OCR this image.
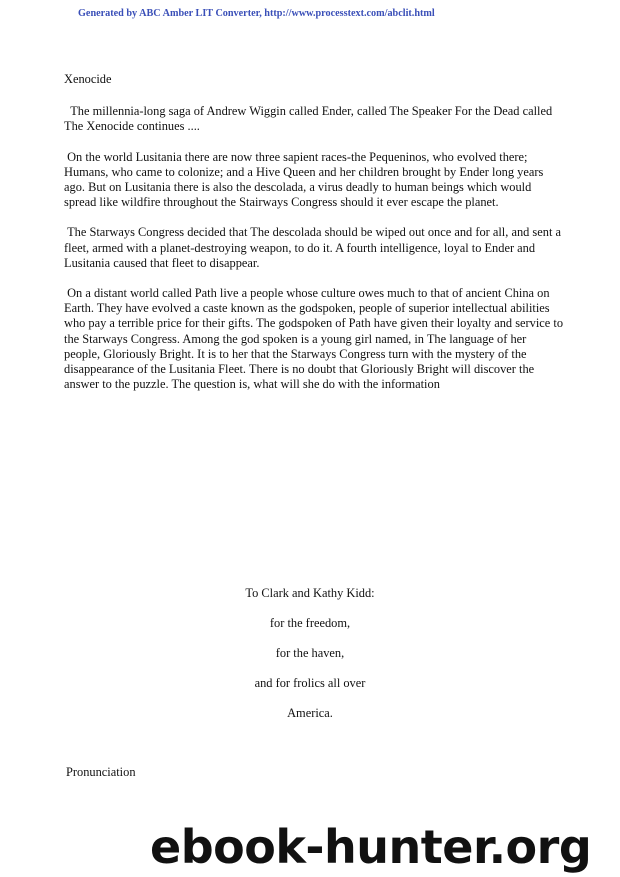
Generated by ABC Amber LIT Converter, http://www.processtext.com/abclit.html
Xenocide

The millennia-long saga of Andrew Wiggin called Ender, called The Speaker For the Dead called The Xenocide continues ....

On the world Lusitania there are now three sapient races-the Pequeninos, who evolved there; Humans, who came to colonize; and a Hive Queen and her children brought by Ender long years ago. But on Lusitania there is also the descolada, a virus deadly to human beings which would spread like wildfire throughout the Stairways Congress should it ever escape the planet.

The Starways Congress decided that The descolada should be wiped out once and for all, and sent a fleet, armed with a planet-destroying weapon, to do it. A fourth intelligence, loyal to Ender and Lusitania caused that fleet to disappear.

On a distant world called Path live a people whose culture owes much to that of ancient China on Earth. They have evolved a caste known as the godspoken, people of superior intellectual abilities who pay a terrible price for their gifts. The godspoken of Path have given their loyalty and service to the Starways Congress. Among the god spoken is a young girl named, in The language of her people, Gloriously Bright. It is to her that the Starways Congress turn with the mystery of the disappearance of the Lusitania Fleet. There is no doubt that Gloriously Bright will discover the answer to the puzzle. The question is, what will she do with the information

To Clark and Kathy Kidd:
for the freedom,
for the haven,
and for frolics all over
America.
Pronunciation
ebook-hunter.org
